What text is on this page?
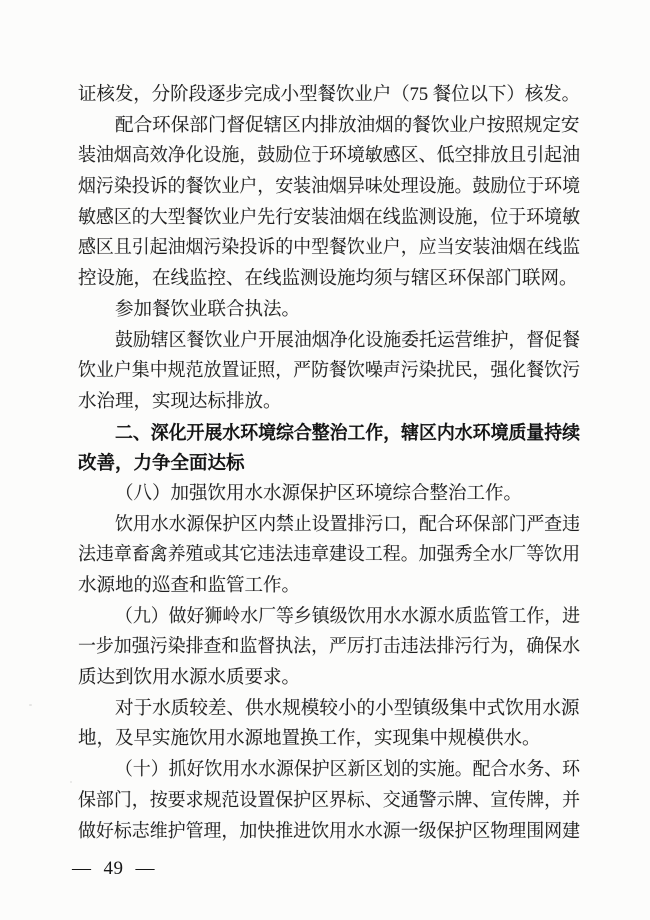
证核发，分阶段逐步完成小型餐饮业户（75 餐位以下）核发。
配合环保部门督促辖区内排放油烟的餐饮业户按照规定安
装油烟高效净化设施，鼓励位于环境敏感区、低空排放且引起油
烟污染投诉的餐饮业户，安装油烟异味处理设施。鼓励位于环境
敏感区的大型餐饮业户先行安装油烟在线监测设施，位于环境敏
感区且引起油烟污染投诉的中型餐饮业户，应当安装油烟在线监
控设施，在线监控、在线监测设施均须与辖区环保部门联网。
参加餐饮业联合执法。
鼓励辖区餐饮业户开展油烟净化设施委托运营维护，督促餐
饮业户集中规范放置证照，严防餐饮噪声污染扰民，强化餐饮污
水治理，实现达标排放。
二、深化开展水环境综合整治工作，辖区内水环境质量持续
改善，力争全面达标
（八）加强饮用水水源保护区环境综合整治工作。
饮用水水源保护区内禁止设置排污口，配合环保部门严查违
法违章畜禽养殖或其它违法违章建设工程。加强秀全水厂等饮用
水源地的巡查和监管工作。
（九）做好狮岭水厂等乡镇级饮用水水源水质监管工作，进
一步加强污染排查和监督执法，严厉打击违法排污行为，确保水
质达到饮用水源水质要求。
对于水质较差、供水规模较小的小型镇级集中式饮用水源
地，及早实施饮用水源地置换工作，实现集中规模供水。
（十）抓好饮用水水源保护区新区划的实施。配合水务、环
保部门，按要求规范设置保护区界标、交通警示牌、宣传牌，并
做好标志维护管理，加快推进饮用水水源一级保护区物理围网建
— 49 —
